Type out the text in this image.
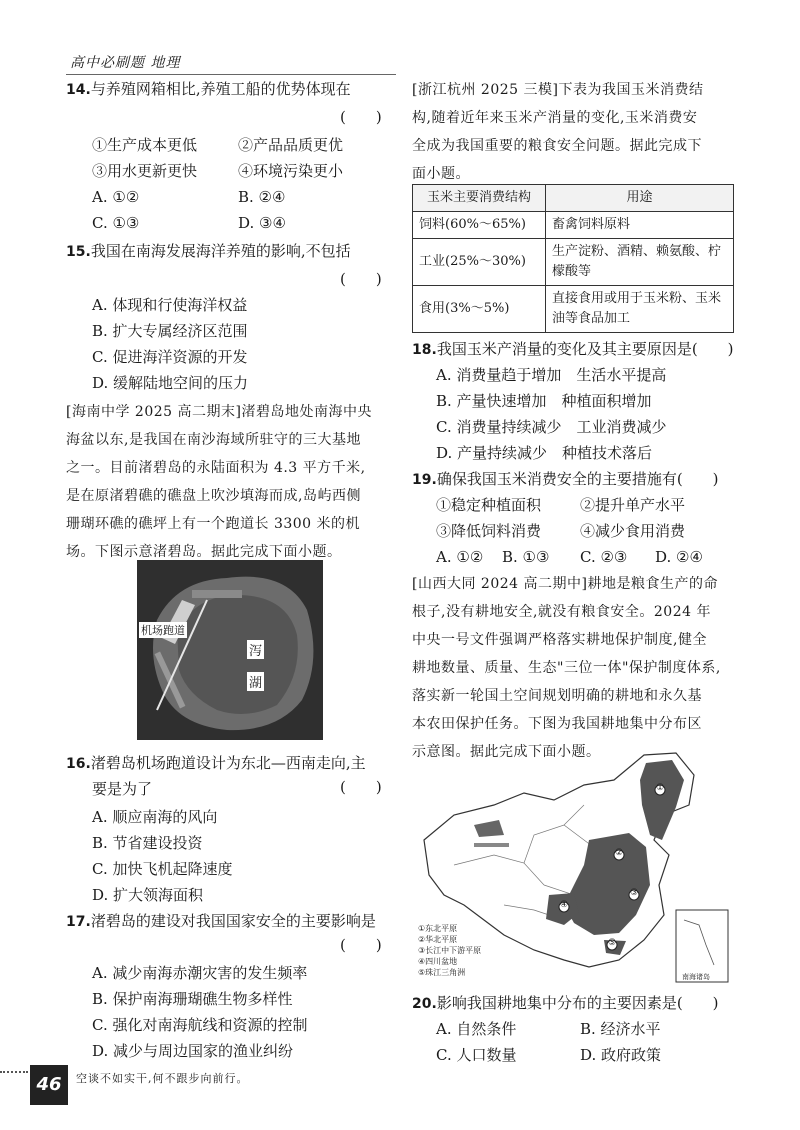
高中必刷题 地理
14.与养殖网箱相比,养殖工船的优势体现在
(　　)
①生产成本更低	②产品品质更优
③用水更新更快	④环境污染更小
A. ①②	B. ②④
C. ①③	D. ③④
15.我国在南海发展海洋养殖的影响,不包括
(　　)
A. 体现和行使海洋权益
B. 扩大专属经济区范围
C. 促进海洋资源的开发
D. 缓解陆地空间的压力
[海南中学 2025 高二期末]渚碧岛地处南海中央
海盆以东,是我国在南沙海域所驻守的三大基地
之一。目前渚碧岛的永陆面积为 4.3 平方千米,
是在原渚碧礁的礁盘上吹沙填海而成,岛屿西侧
珊瑚环礁的礁坪上有一个跑道长 3300 米的机
场。下图示意渚碧岛。据此完成下面小题。
机场跑道
泻
湖
16.渚碧岛机场跑道设计为东北—西南走向,主
要是为了	(　　)
A. 顺应南海的风向
B. 节省建设投资
C. 加快飞机起降速度
D. 扩大领海面积
17.渚碧岛的建设对我国国家安全的主要影响是
(　　)
A. 减少南海赤潮灾害的发生频率
B. 保护南海珊瑚礁生物多样性
C. 强化对南海航线和资源的控制
D. 减少与周边国家的渔业纠纷
[浙江杭州 2025 三模]下表为我国玉米消费结
构,随着近年来玉米产消量的变化,玉米消费安
全成为我国重要的粮食安全问题。据此完成下
面小题。
玉米主要消费结构	用途
饲料(60%～65%)	畜禽饲料原料
工业(25%～30%)	生产淀粉、酒精、赖氨酸、柠檬酸等
食用(3%～5%)	直接食用或用于玉米粉、玉米油等食品加工
18.我国玉米产消量的变化及其主要原因是(　　)
A. 消费量趋于增加　生活水平提高
B. 产量快速增加　种植面积增加
C. 消费量持续减少　工业消费减少
D. 产量持续减少　种植技术落后
19.确保我国玉米消费安全的主要措施有(　　)
①稳定种植面积	②提升单产水平
③降低饲料消费	④减少食用消费
A. ①② B. ①③ C. ②③ D. ②④
[山西大同 2024 高二期中]耕地是粮食生产的命
根子,没有耕地安全,就没有粮食安全。2024 年
中央一号文件强调严格落实耕地保护制度,健全
耕地数量、质量、生态"三位一体"保护制度体系,
落实新一轮国土空间规划明确的耕地和永久基
本农田保护任务。下图为我国耕地集中分布区
示意图。据此完成下面小题。
①
②
③
④
⑤
①东北平原
②华北平原
③长江中下游平原
④四川盆地
⑤珠江三角洲	南海诸岛
20.影响我国耕地集中分布的主要因素是(　　)
A. 自然条件	B. 经济水平
C. 人口数量	D. 政府政策
46	空谈不如实干,何不跟步向前行。
